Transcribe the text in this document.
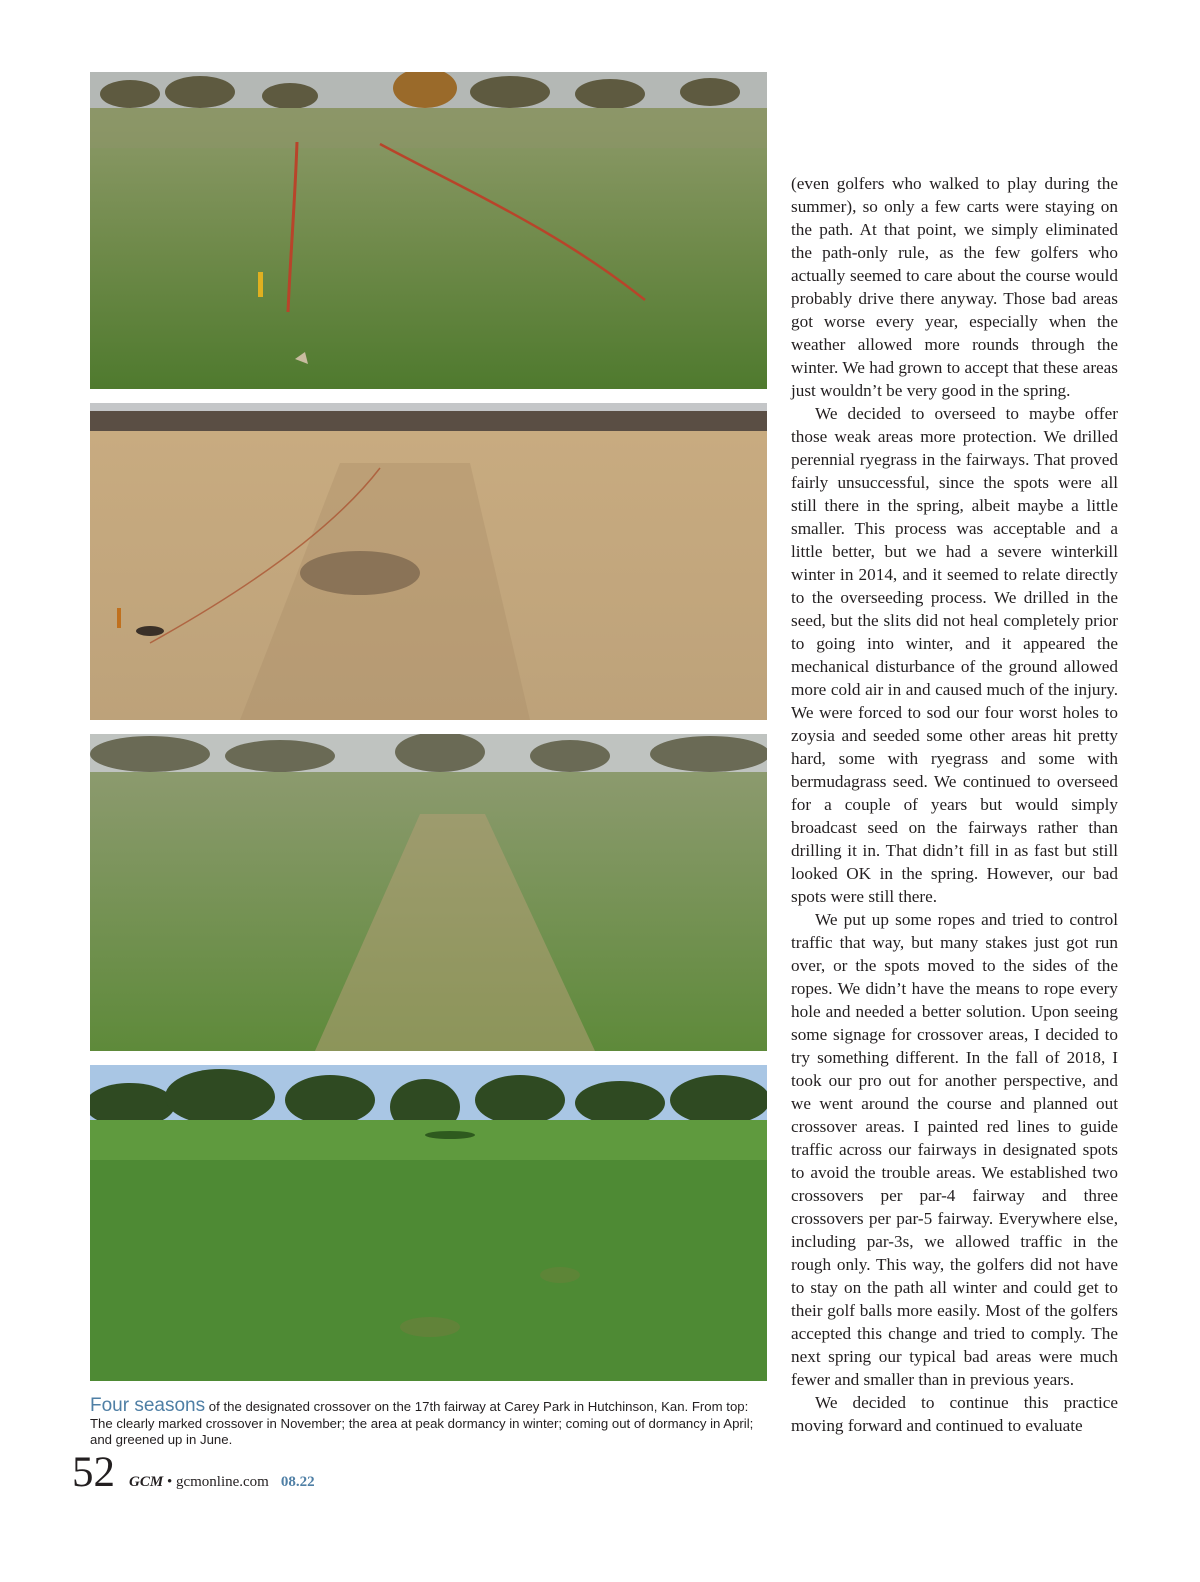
Four seasons of the designated crossover on the 17th fairway at Carey Park in Hutchinson, Kan. From top: The clearly marked crossover in November; the area at peak dormancy in winter; coming out of dormancy in April; and greened up in June.

(even golfers who walked to play during the summer), so only a few carts were staying on the path. At that point, we simply eliminated the path-only rule, as the few golfers who actually seemed to care about the course would probably drive there anyway. Those bad areas got worse every year, especially when the weather allowed more rounds through the winter. We had grown to accept that these areas just wouldn’t be very good in the spring.

We decided to overseed to maybe offer those weak areas more protection. We drilled perennial ryegrass in the fairways. That proved fairly unsuccessful, since the spots were all still there in the spring, albeit maybe a little smaller. This process was acceptable and a little better, but we had a severe winterkill winter in 2014, and it seemed to relate directly to the overseeding process. We drilled in the seed, but the slits did not heal completely prior to going into winter, and it appeared the mechanical disturbance of the ground allowed more cold air in and caused much of the injury. We were forced to sod our four worst holes to zoysia and seeded some other areas hit pretty hard, some with ryegrass and some with bermudagrass seed. We continued to overseed for a couple of years but would simply broadcast seed on the fairways rather than drilling it in. That didn’t fill in as fast but still looked OK in the spring. However, our bad spots were still there.

We put up some ropes and tried to control traffic that way, but many stakes just got run over, or the spots moved to the sides of the ropes. We didn’t have the means to rope every hole and needed a better solution. Upon seeing some signage for crossover areas, I decided to try something different. In the fall of 2018, I took our pro out for another perspective, and we went around the course and planned out crossover areas. I painted red lines to guide traffic across our fairways in designated spots to avoid the trouble areas. We established two crossovers per par-4 fairway and three crossovers per par-5 fairway. Everywhere else, including par-3s, we allowed traffic in the rough only. This way, the golfers did not have to stay on the path all winter and could get to their golf balls more easily. Most of the golfers accepted this change and tried to comply. The next spring our typical bad areas were much fewer and smaller than in previous years.

We decided to continue this practice moving forward and continued to evaluate

52 GCM • gcmonline.com 08.22
